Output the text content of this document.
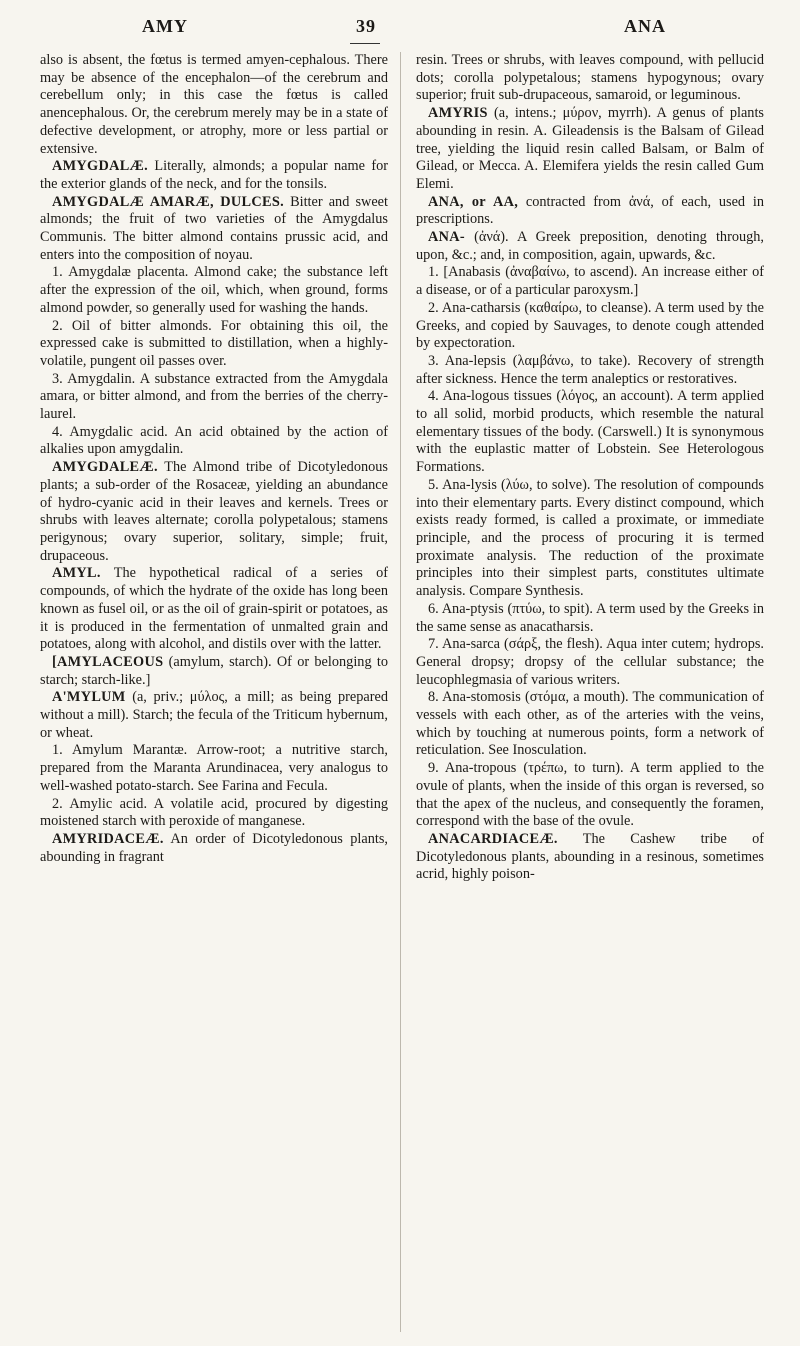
AMY	39	ANA

also is absent, the fœtus is termed amyen-cephalous. There may be absence of the encephalon—of the cerebrum and cerebellum only; in this case the fœtus is called anencephalous. Or, the cerebrum merely may be in a state of defective development, or atrophy, more or less partial or extensive.

AMYGDALÆ. Literally, almonds; a popular name for the exterior glands of the neck, and for the tonsils.

AMYGDALÆ AMARÆ, DULCES. Bitter and sweet almonds; the fruit of two varieties of the Amygdalus Communis. The bitter almond contains prussic acid, and enters into the composition of noyau.

1. Amygdalæ placenta. Almond cake; the substance left after the expression of the oil, which, when ground, forms almond powder, so generally used for washing the hands.

2. Oil of bitter almonds. For obtaining this oil, the expressed cake is submitted to distillation, when a highly-volatile, pungent oil passes over.

3. Amygdalin. A substance extracted from the Amygdala amara, or bitter almond, and from the berries of the cherry-laurel.

4. Amygdalic acid. An acid obtained by the action of alkalies upon amygdalin.

AMYGDALEÆ. The Almond tribe of Dicotyledonous plants; a sub-order of the Rosaceæ, yielding an abundance of hydro-cyanic acid in their leaves and kernels. Trees or shrubs with leaves alternate; corolla polypetalous; stamens perigynous; ovary superior, solitary, simple; fruit, drupaceous.

AMYL. The hypothetical radical of a series of compounds, of which the hydrate of the oxide has long been known as fusel oil, or as the oil of grain-spirit or potatoes, as it is produced in the fermentation of unmalted grain and potatoes, along with alcohol, and distils over with the latter.

[AMYLACEOUS (amylum, starch). Of or belonging to starch; starch-like.]

A'MYLUM (a, priv.; μύλος, a mill; as being prepared without a mill). Starch; the fecula of the Triticum hybernum, or wheat.

1. Amylum Marantæ. Arrow-root; a nutritive starch, prepared from the Maranta Arundinacea, very analogus to well-washed potato-starch. See Farina and Fecula.

2. Amylic acid. A volatile acid, procured by digesting moistened starch with peroxide of manganese.

AMYRIDACEÆ. An order of Dicotyledonous plants, abounding in fragrant

resin. Trees or shrubs, with leaves compound, with pellucid dots; corolla polypetalous; stamens hypogynous; ovary superior; fruit sub-drupaceous, samaroid, or leguminous.

AMYRIS (a, intens.; μύρον, myrrh). A genus of plants abounding in resin. A. Gileadensis is the Balsam of Gilead tree, yielding the liquid resin called Balsam, or Balm of Gilead, or Mecca. A. Elemifera yields the resin called Gum Elemi.

ANA, or AA, contracted from ἀνά, of each, used in prescriptions.

ANA- (ἀνά). A Greek preposition, denoting through, upon, &c.; and, in composition, again, upwards, &c.

1. [Anabasis (ἀναβαίνω, to ascend). An increase either of a disease, or of a particular paroxysm.]

2. Ana-catharsis (καθαίρω, to cleanse). A term used by the Greeks, and copied by Sauvages, to denote cough attended by expectoration.

3. Ana-lepsis (λαμβάνω, to take). Recovery of strength after sickness. Hence the term analeptics or restoratives.

4. Ana-logous tissues (λόγος, an account). A term applied to all solid, morbid products, which resemble the natural elementary tissues of the body. (Carswell.) It is synonymous with the euplastic matter of Lobstein. See Heterologous Formations.

5. Ana-lysis (λύω, to solve). The resolution of compounds into their elementary parts. Every distinct compound, which exists ready formed, is called a proximate, or immediate principle, and the process of procuring it is termed proximate analysis. The reduction of the proximate principles into their simplest parts, constitutes ultimate analysis. Compare Synthesis.

6. Ana-ptysis (πτύω, to spit). A term used by the Greeks in the same sense as anacatharsis.

7. Ana-sarca (σάρξ, the flesh). Aqua inter cutem; hydrops. General dropsy; dropsy of the cellular substance; the leucophlegmasia of various writers.

8. Ana-stomosis (στόμα, a mouth). The communication of vessels with each other, as of the arteries with the veins, which by touching at numerous points, form a network of reticulation. See Inosculation.

9. Ana-tropous (τρέπω, to turn). A term applied to the ovule of plants, when the inside of this organ is reversed, so that the apex of the nucleus, and consequently the foramen, correspond with the base of the ovule.

ANACARDIACEÆ. The Cashew tribe of Dicotyledonous plants, abounding in a resinous, sometimes acrid, highly poison-
